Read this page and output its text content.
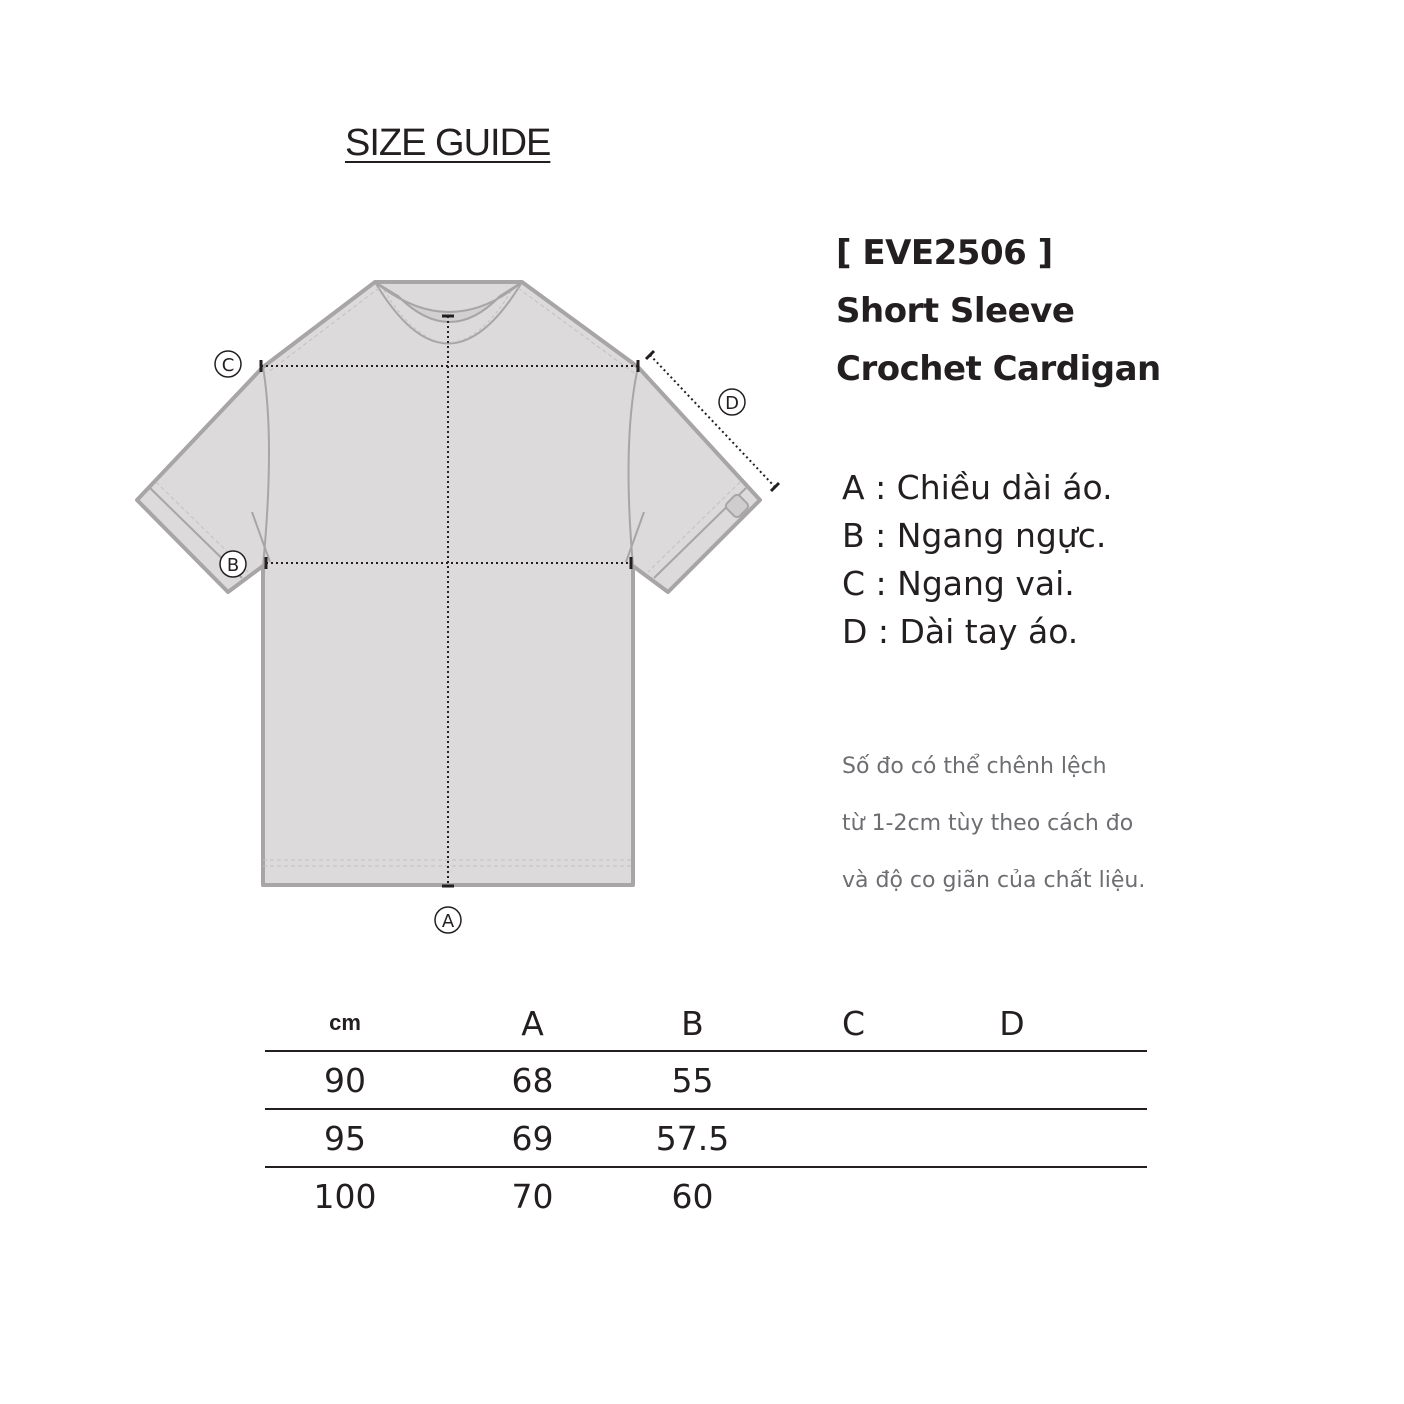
SIZE GUIDE
A
B
C
D
[ EVE2506 ]
Short Sleeve
Crochet Cardigan
A : Chiều dài áo.
B : Ngang ngực.
C : Ngang vai.
D : Dài tay áo.
Số đo có thể chênh lệch
từ 1-2cm tùy theo cách đo
và độ co giãn của chất liệu.
cm	A	B	C	D
90	68	55
95	69	57.5
100	70	60
